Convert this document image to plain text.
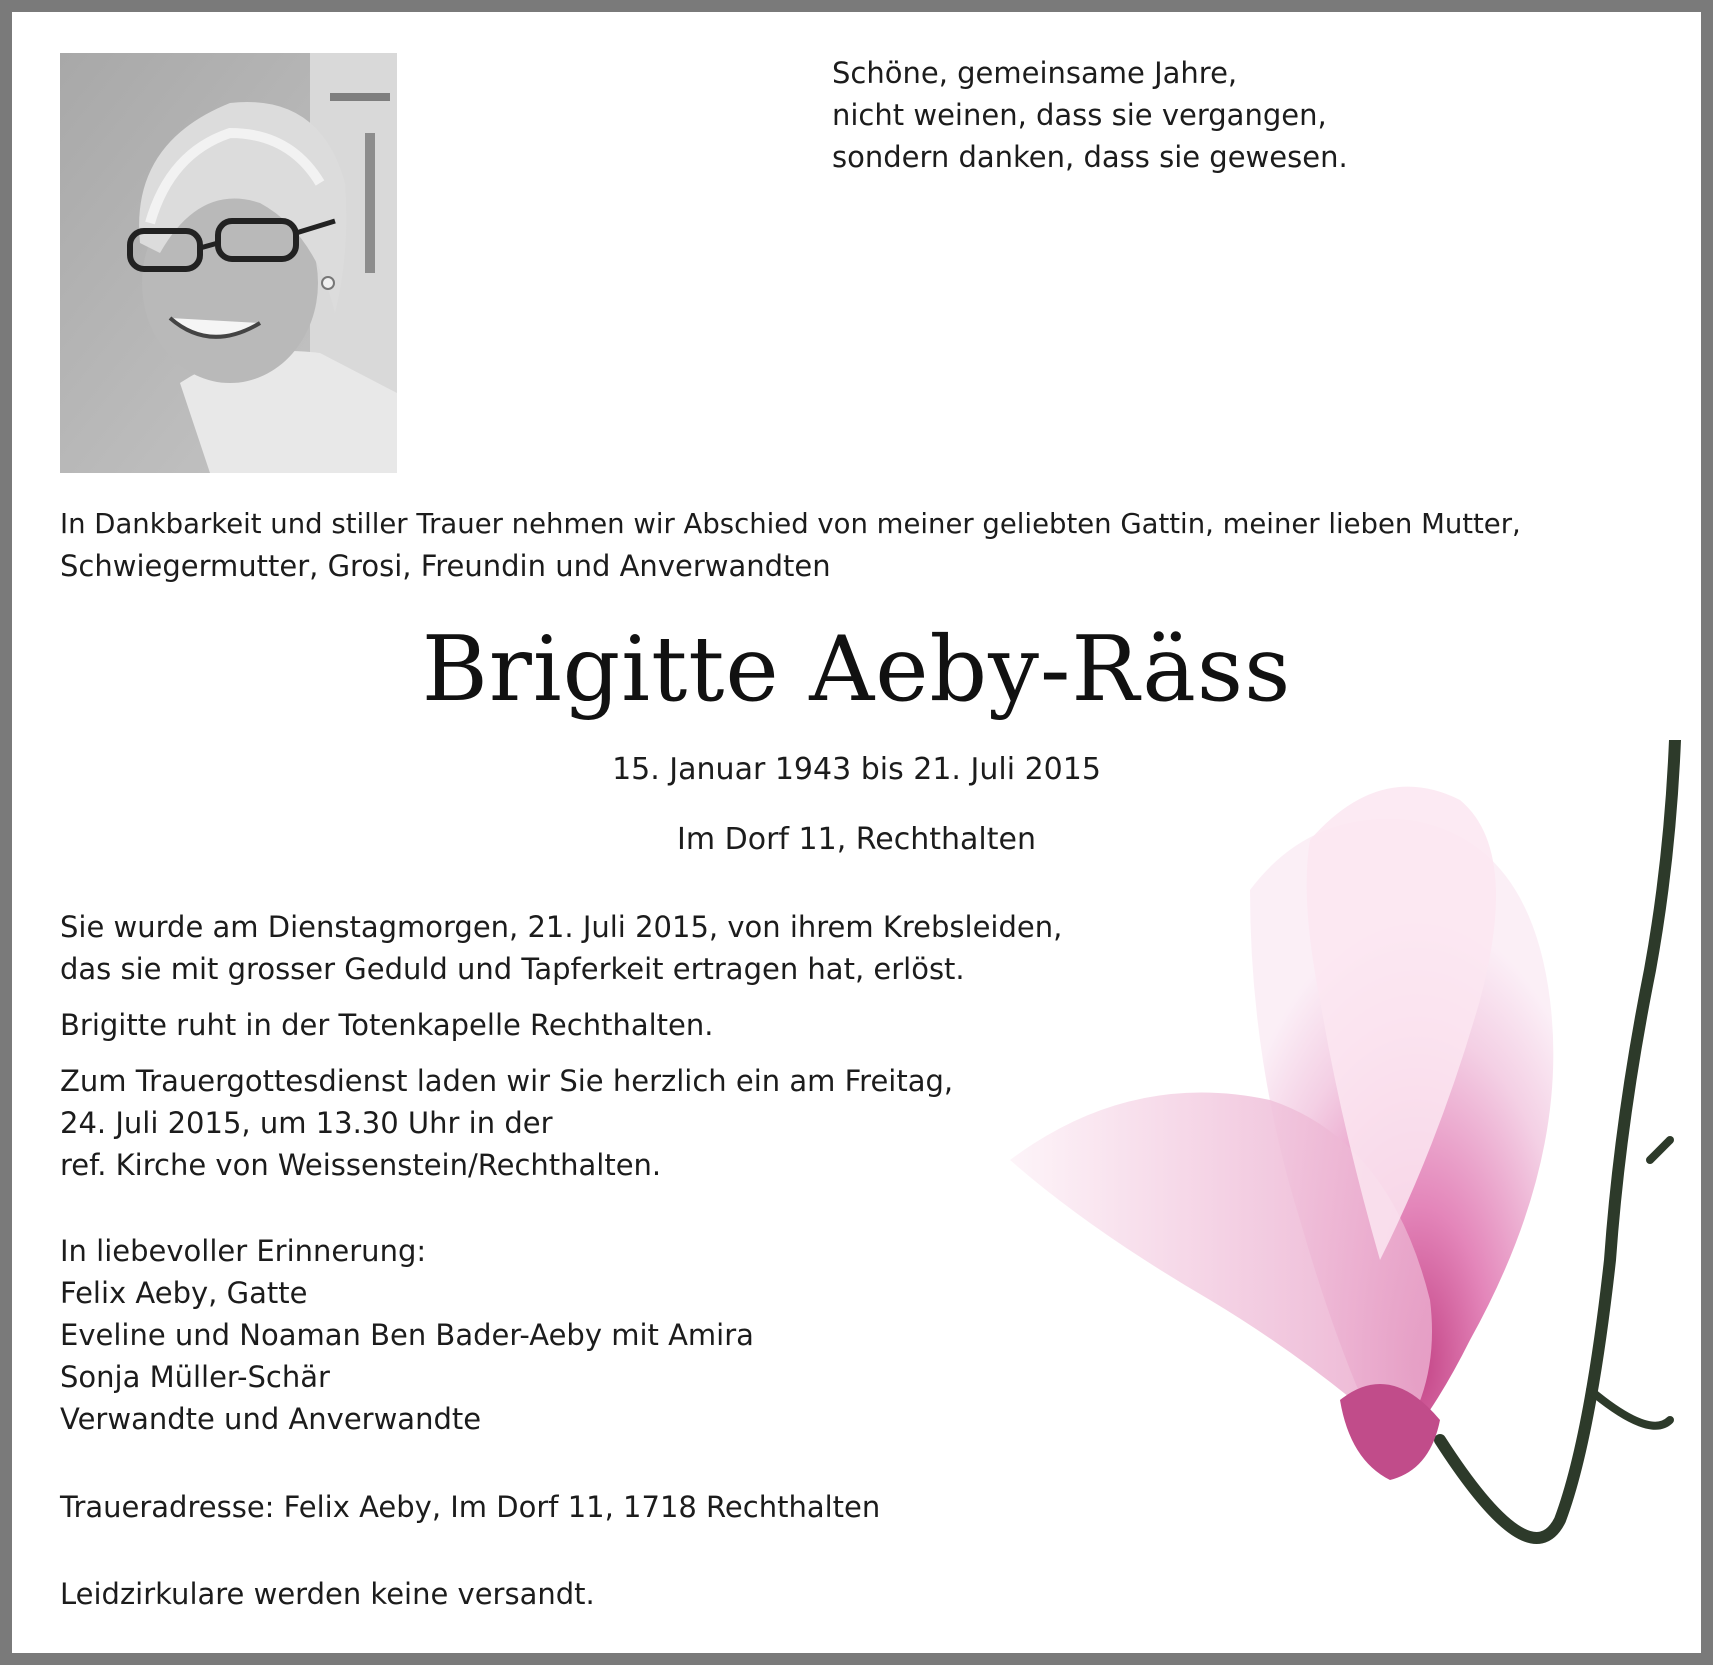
Schöne, gemeinsame Jahre,
nicht weinen, dass sie vergangen,
sondern danken, dass sie gewesen.
In Dankbarkeit und stiller Trauer nehmen wir Abschied von meiner geliebten Gattin, meiner lieben Mutter,
Schwiegermutter, Grosi, Freundin und Anverwandten
Brigitte Aeby-Räss
15. Januar 1943 bis 21. Juli 2015
Im Dorf 11, Rechthalten
Sie wurde am Dienstagmorgen, 21. Juli 2015, von ihrem Krebsleiden,
das sie mit grosser Geduld und Tapferkeit ertragen hat, erlöst.
Brigitte ruht in der Totenkapelle Rechthalten.
Zum Trauergottesdienst laden wir Sie herzlich ein am Freitag,
24. Juli 2015, um 13.30 Uhr in der
ref. Kirche von Weissenstein/Rechthalten.
In liebevoller Erinnerung:
Felix Aeby, Gatte
Eveline und Noaman Ben Bader-Aeby mit Amira
Sonja Müller-Schär
Verwandte und Anverwandte
Traueradresse: Felix Aeby, Im Dorf 11, 1718 Rechthalten
Leidzirkulare werden keine versandt.
